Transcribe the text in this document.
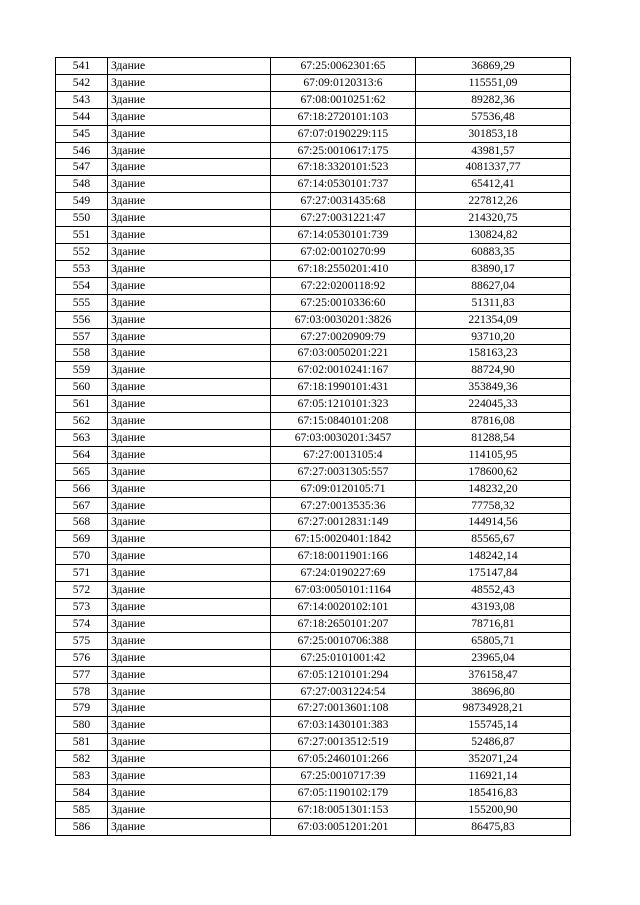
541	Здание	67:25:0062301:65	36869,29
542	Здание	67:09:0120313:6	115551,09
543	Здание	67:08:0010251:62	89282,36
544	Здание	67:18:2720101:103	57536,48
545	Здание	67:07:0190229:115	301853,18
546	Здание	67:25:0010617:175	43981,57
547	Здание	67:18:3320101:523	4081337,77
548	Здание	67:14:0530101:737	65412,41
549	Здание	67:27:0031435:68	227812,26
550	Здание	67:27:0031221:47	214320,75
551	Здание	67:14:0530101:739	130824,82
552	Здание	67:02:0010270:99	60883,35
553	Здание	67:18:2550201:410	83890,17
554	Здание	67:22:0200118:92	88627,04
555	Здание	67:25:0010336:60	51311,83
556	Здание	67:03:0030201:3826	221354,09
557	Здание	67:27:0020909:79	93710,20
558	Здание	67:03:0050201:221	158163,23
559	Здание	67:02:0010241:167	88724,90
560	Здание	67:18:1990101:431	353849,36
561	Здание	67:05:1210101:323	224045,33
562	Здание	67:15:0840101:208	87816,08
563	Здание	67:03:0030201:3457	81288,54
564	Здание	67:27:0013105:4	114105,95
565	Здание	67:27:0031305:557	178600,62
566	Здание	67:09:0120105:71	148232,20
567	Здание	67:27:0013535:36	77758,32
568	Здание	67:27:0012831:149	144914,56
569	Здание	67:15:0020401:1842	85565,67
570	Здание	67:18:0011901:166	148242,14
571	Здание	67:24:0190227:69	175147,84
572	Здание	67:03:0050101:1164	48552,43
573	Здание	67:14:0020102:101	43193,08
574	Здание	67:18:2650101:207	78716,81
575	Здание	67:25:0010706:388	65805,71
576	Здание	67:25:0101001:42	23965,04
577	Здание	67:05:1210101:294	376158,47
578	Здание	67:27:0031224:54	38696,80
579	Здание	67:27:0013601:108	98734928,21
580	Здание	67:03:1430101:383	155745,14
581	Здание	67:27:0013512:519	52486,87
582	Здание	67:05:2460101:266	352071,24
583	Здание	67:25:0010717:39	116921,14
584	Здание	67:05:1190102:179	185416,83
585	Здание	67:18:0051301:153	155200,90
586	Здание	67:03:0051201:201	86475,83
